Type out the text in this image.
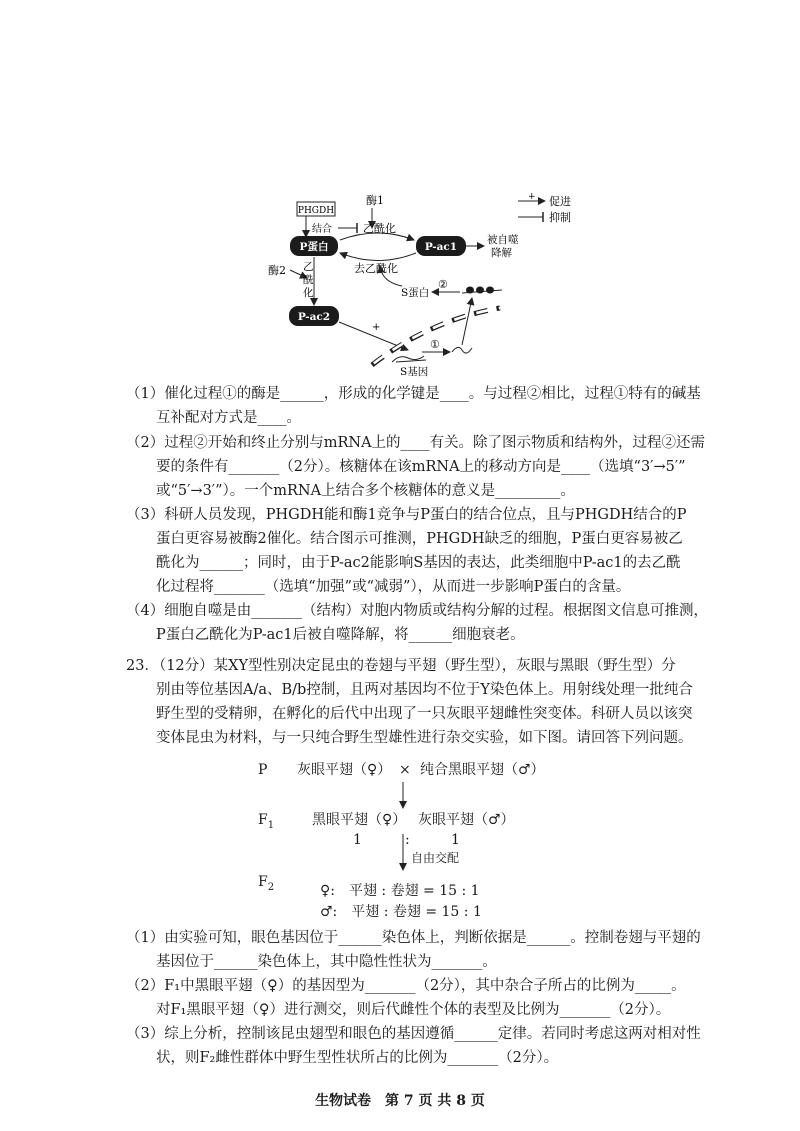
PHGDH
结合
酶1
乙酰化
P蛋白	P-ac1
去乙酰化
被自噬
降解
+ 促进
抑制
酶2 乙
酰
化
P-ac2
+
S基因
①
②
S蛋白
（1）催化过程①的酶是______，形成的化学键是____。与过程②相比，过程①特有的碱基
互补配对方式是____。
（2）过程②开始和终止分别与mRNA上的____有关。除了图示物质和结构外，过程②还需
要的条件有_______（2分）。核糖体在该mRNA上的移动方向是____（选填“3′→5′”
或“5′→3′”）。一个mRNA上结合多个核糖体的意义是_________。
（3）科研人员发现，PHGDH能和酶1竞争与P蛋白的结合位点，且与PHGDH结合的P
蛋白更容易被酶2催化。结合图示可推测，PHGDH缺乏的细胞，P蛋白更容易被乙
酰化为______；同时，由于P-ac2能影响S基因的表达，此类细胞中P-ac1的去乙酰
化过程将_______（选填“加强”或“减弱”），从而进一步影响P蛋白的含量。
（4）细胞自噬是由_______（结构）对胞内物质或结构分解的过程。根据图文信息可推测，
P蛋白乙酰化为P-ac1后被自噬降解，将______细胞衰老。
23．（12分）某XY型性别决定昆虫的卷翅与平翅（野生型），灰眼与黑眼（野生型）分
别由等位基因A/a、B/b控制，且两对基因均不位于Y染色体上。用射线处理一批纯合
野生型的受精卵，在孵化的后代中出现了一只灰眼平翅雌性突变体。科研人员以该突
变体昆虫为材料，与一只纯合野生型雄性进行杂交实验，如下图。请回答下列问题。
P 灰眼平翅（♀） × 纯合黑眼平翅（♂）
$F_1$	黑眼平翅（♀） 灰眼平翅（♂）
1	:	1
自由交配
$F_2$	♀:　平翅 : 卷翅 = 15 : 1
♂:　平翅 : 卷翅 = 15 : 1
（1）由实验可知，眼色基因位于______染色体上，判断依据是______。控制卷翅与平翅的
基因位于______染色体上，其中隐性性状为_______。
（2）F₁中黑眼平翅（♀）的基因型为_______（2分），其中杂合子所占的比例为_____。
对F₁黑眼平翅（♀）进行测交，则后代雌性个体的表型及比例为_______（2分）。
（3）综上分析，控制该昆虫翅型和眼色的基因遵循______定律。若同时考虑这两对相对性
状，则F₂雌性群体中野生型性状所占的比例为_______（2分）。
生物试卷　第 7 页 共 8 页
